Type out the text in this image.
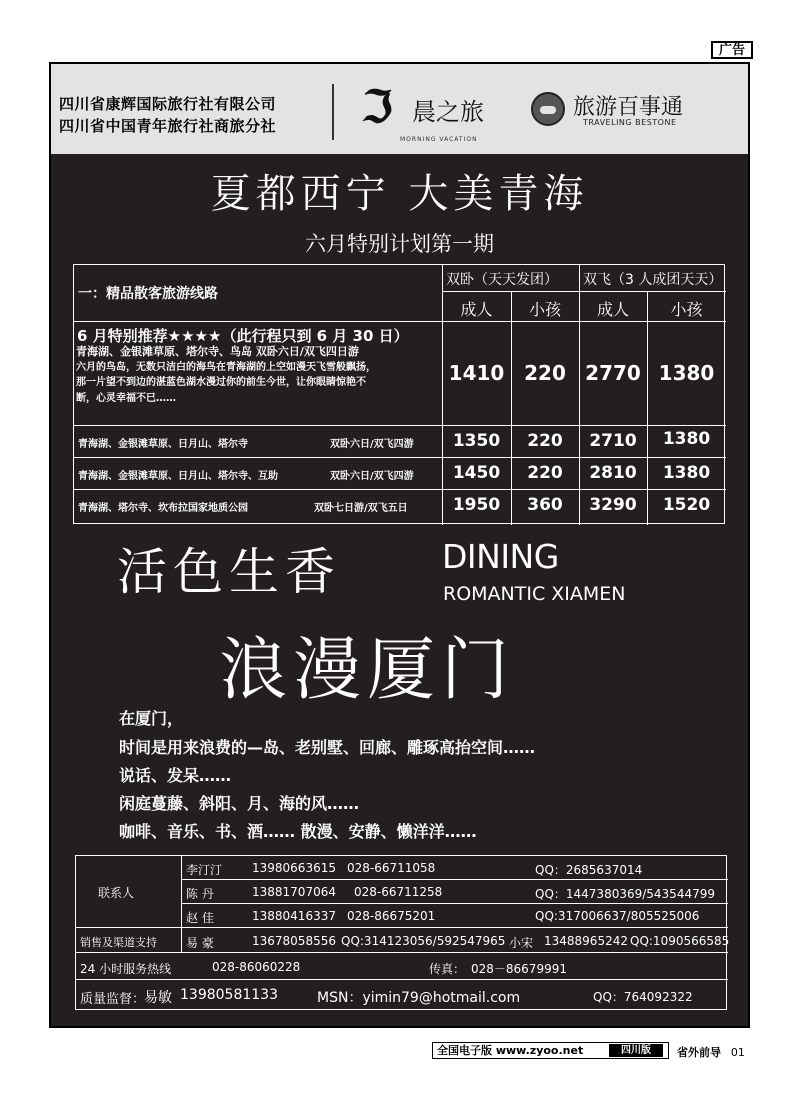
广告
四川省康辉国际旅行社有限公司
四川省中国青年旅行社商旅分社 ℑ 晨之旅
MORNING VACATION
旅游百事通
TRAVELING BESTONE
夏都西宁 大美青海
六月特别计划第一期
一：精品散客旅游线路
双卧（天天发团） 双飞（3 人成团天天）
成人	小孩	成人	小孩
6 月特别推荐★★★★（此行程只到 6 月 30 日）
青海湖、金银滩草原、塔尔寺、鸟岛 双卧六日/双飞四日游
六月的鸟岛，无数只洁白的海鸟在青海湖的上空如漫天飞雪般飘扬，
那一片望不到边的湛蓝色湖水漫过你的前生今世，让你眼睛惊艳不
断，心灵幸福不已……
1410 220 2770 1380
青海湖、金银滩草原、日月山、塔尔寺	双卧六日/双飞四游	1350	220	2710	1380
青海湖、金银滩草原、日月山、塔尔寺、互助	双卧六日/双飞四游	1450	220	2810	1380
青海湖、塔尔寺、坎布拉国家地质公园	双卧七日游/双飞五日	1950	360	3290	1520
活色生香	DINING
ROMANTIC XIAMEN
浪漫厦门
在厦门，
时间是用来浪费的—岛、老别墅、回廊、雕琢高抬空间……
说话、发呆……
闲庭蔓藤、斜阳、月、海的风……
咖啡、音乐、书、酒…… 散漫、安静、懒洋洋……
联系人
李汀汀 13980663615 028-66711058	QQ：2685637014
陈 丹	13881707064 028-66711258	QQ：1447380369/543544799
赵 佳	13880416337 028-86675201	QQ:317006637/805525006
销售及渠道支持 易 豪	13678058556 QQ:314123056/592547965 小宋 13488965242 QQ:1090566585
24 小时服务热线	028-86060228	传真： 028－86679991
质量监督：
易敏 13980581133	MSN：yimin79@hotmail.com	QQ：764092322
全国电子版 www.zyoo.net	四川版	省外前导 01
